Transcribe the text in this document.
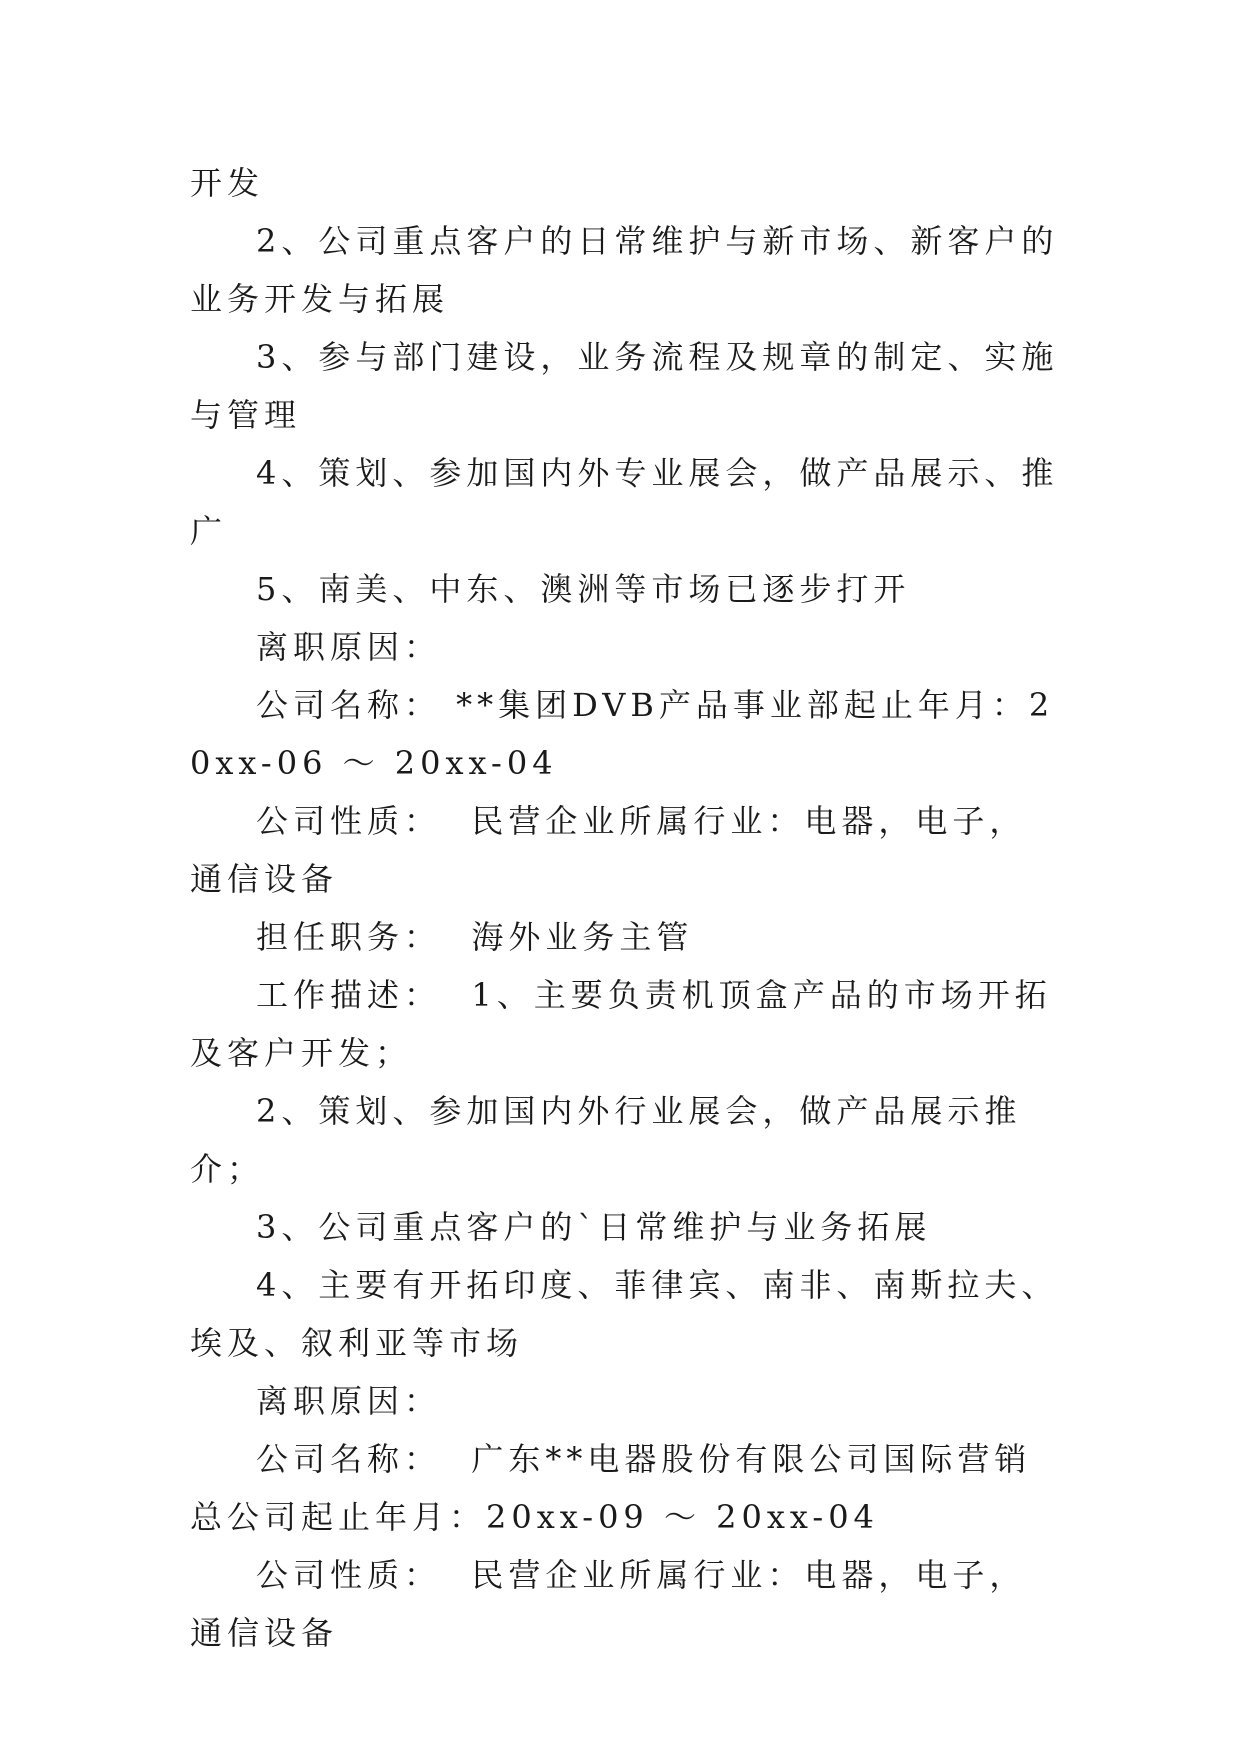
开发

2、公司重点客户的日常维护与新市场、新客户的业务开发与拓展

3、参与部门建设，业务流程及规章的制定、实施与管理

4、策划、参加国内外专业展会，做产品展示、推广

5、南美、中东、澳洲等市场已逐步打开

离职原因：

公司名称： **集团DVB产品事业部起止年月：20xx-06 ～ 20xx-04

公司性质：  民营企业所属行业：电器，电子，通信设备

担任职务：  海外业务主管

工作描述：  1、主要负责机顶盒产品的市场开拓及客户开发；

2、策划、参加国内外行业展会，做产品展示推介；

3、公司重点客户的`日常维护与业务拓展

4、主要有开拓印度、菲律宾、南非、南斯拉夫、埃及、叙利亚等市场

离职原因：

公司名称：  广东**电器股份有限公司国际营销总公司起止年月：20xx-09 ～ 20xx-04

公司性质：  民营企业所属行业：电器，电子，通信设备
